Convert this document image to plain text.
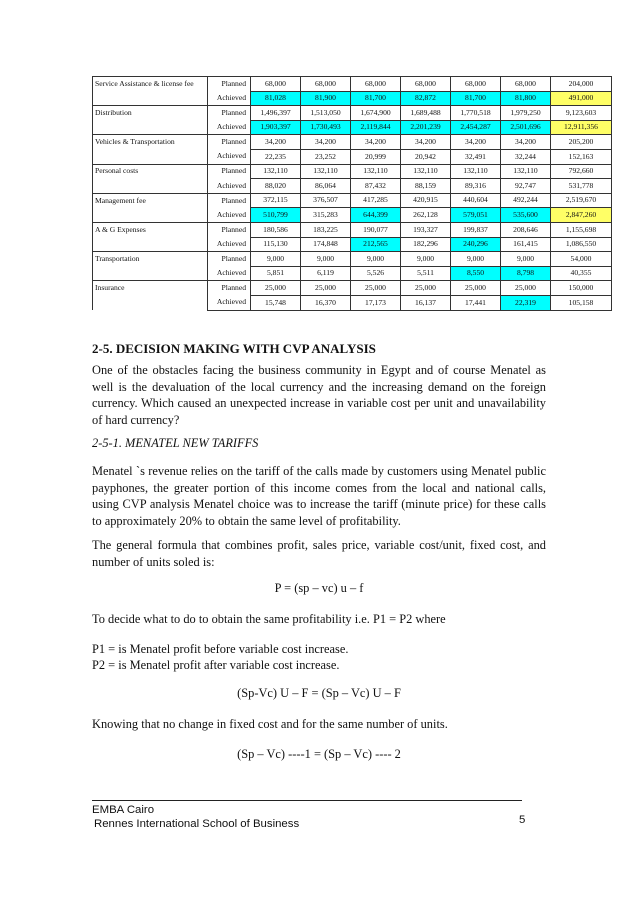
Service Assistance & license fee	Planned	68,000	68,000	68,000	68,000	68,000	68,000	204,000
	Achieved	81,028	81,900	81,700	82,872	81,700	81,800	491,000
Distribution	Planned	1,496,397	1,513,050	1,674,900	1,689,488	1,770,518	1,979,250	9,123,603
	Achieved	1,903,397	1,730,493	2,119,844	2,201,239	2,454,287	2,501,696	12,911,356
Vehicles & Transportation	Planned	34,200	34,200	34,200	34,200	34,200	34,200	205,200
	Achieved	22,235	23,252	20,999	20,942	32,491	32,244	152,163
Personal costs	Planned	132,110	132,110	132,110	132,110	132,110	132,110	792,660
	Achieved	88,020	86,064	87,432	88,159	89,316	92,747	531,778
Management fee	Planned	372,115	376,507	417,285	420,915	440,604	492,244	2,519,670
	Achieved	510,799	315,283	644,399	262,128	579,051	535,600	2,847,260
A & G Expenses	Planned	180,586	183,225	190,077	193,327	199,837	208,646	1,155,698
	Achieved	115,130	174,848	212,565	182,296	240,296	161,415	1,086,550
Transportation	Planned	9,000	9,000	9,000	9,000	9,000	9,000	54,000
	Achieved	5,851	6,119	5,526	5,511	8,550	8,798	40,355
Insurance	Planned	25,000	25,000	25,000	25,000	25,000	25,000	150,000
	Achieved	15,748	16,370	17,173	16,137	17,441	22,319	105,158

2-5. DECISION MAKING WITH CVP ANALYSIS

One of the obstacles facing the business community in Egypt and of course Menatel as well is the devaluation of the local currency and the increasing demand on the foreign currency. Which caused an unexpected increase in variable cost per unit and unavailability of hard currency?

2-5-1. MENATEL NEW TARIFFS

Menatel `s revenue relies on the tariff of the calls made by customers using Menatel public payphones, the greater portion of this income comes from the local and national calls, using CVP analysis Menatel choice was to increase the tariff (minute price) for these calls to approximately 20% to obtain the same level of profitability.

The general formula that combines profit, sales price, variable cost/unit, fixed cost, and number of units soled is:

P = (sp – vc) u – f

To decide what to do to obtain the same profitability i.e. P1 = P2 where

P1 = is Menatel profit before variable cost increase.

P2 = is Menatel profit after variable cost increase.

(Sp-Vc) U – F = (Sp – Vc) U – F

Knowing that no change in fixed cost and for the same number of units.

(Sp – Vc) ----1 = (Sp – Vc) ---- 2

EMBA Cairo
Rennes International School of Business	5
